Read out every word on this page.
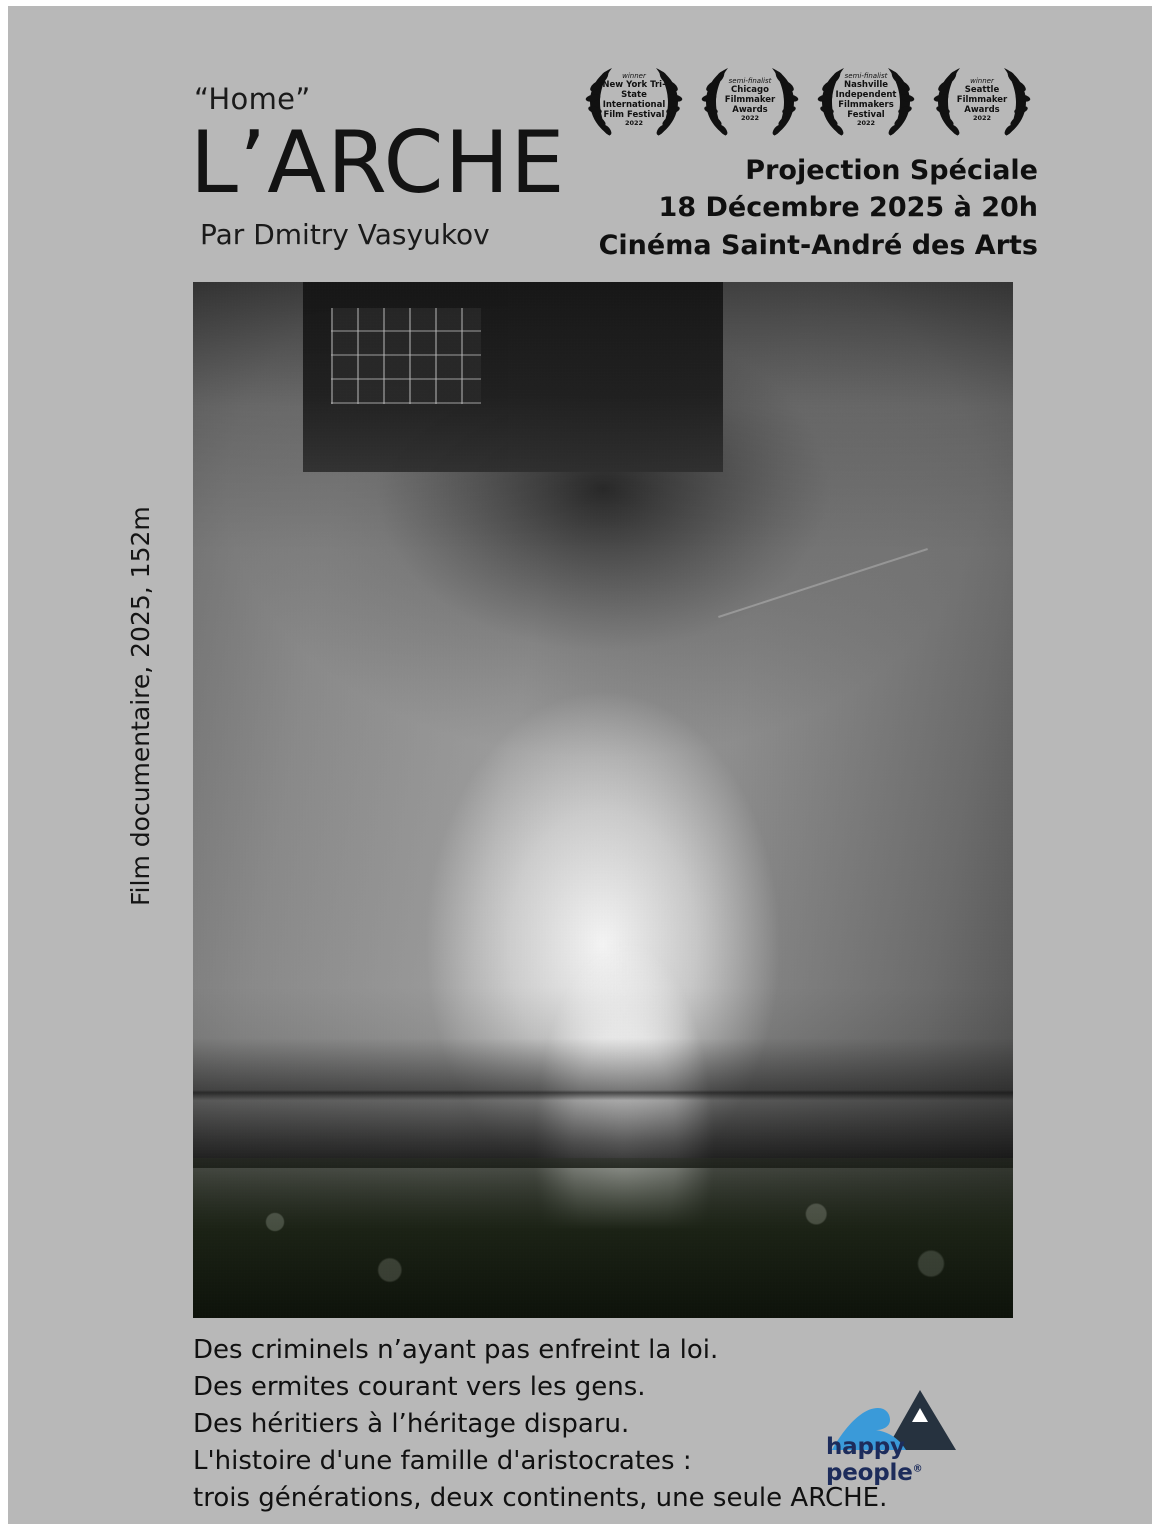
“Home”
L’ARCHE
Par Dmitry Vasyukov
winner
New York Tri-State International Film Festival
2022
semi-finalist
Chicago Filmmaker Awards
2022
semi-finalist
Nashville Independent Filmmakers Festival
2022
winner
Seattle Filmmaker Awards
2022
Projection Spéciale
18 Décembre 2025 à 20h
Cinéma Saint-André des Arts
Film documentaire, 2025, 152m
Des criminels n’ayant pas enfreint la loi.
Des ermites courant vers les gens.
Des héritiers à l’héritage disparu.
L'histoire d'une famille d'aristocrates :
trois générations, deux continents, une seule ARCHE.
happy people®
